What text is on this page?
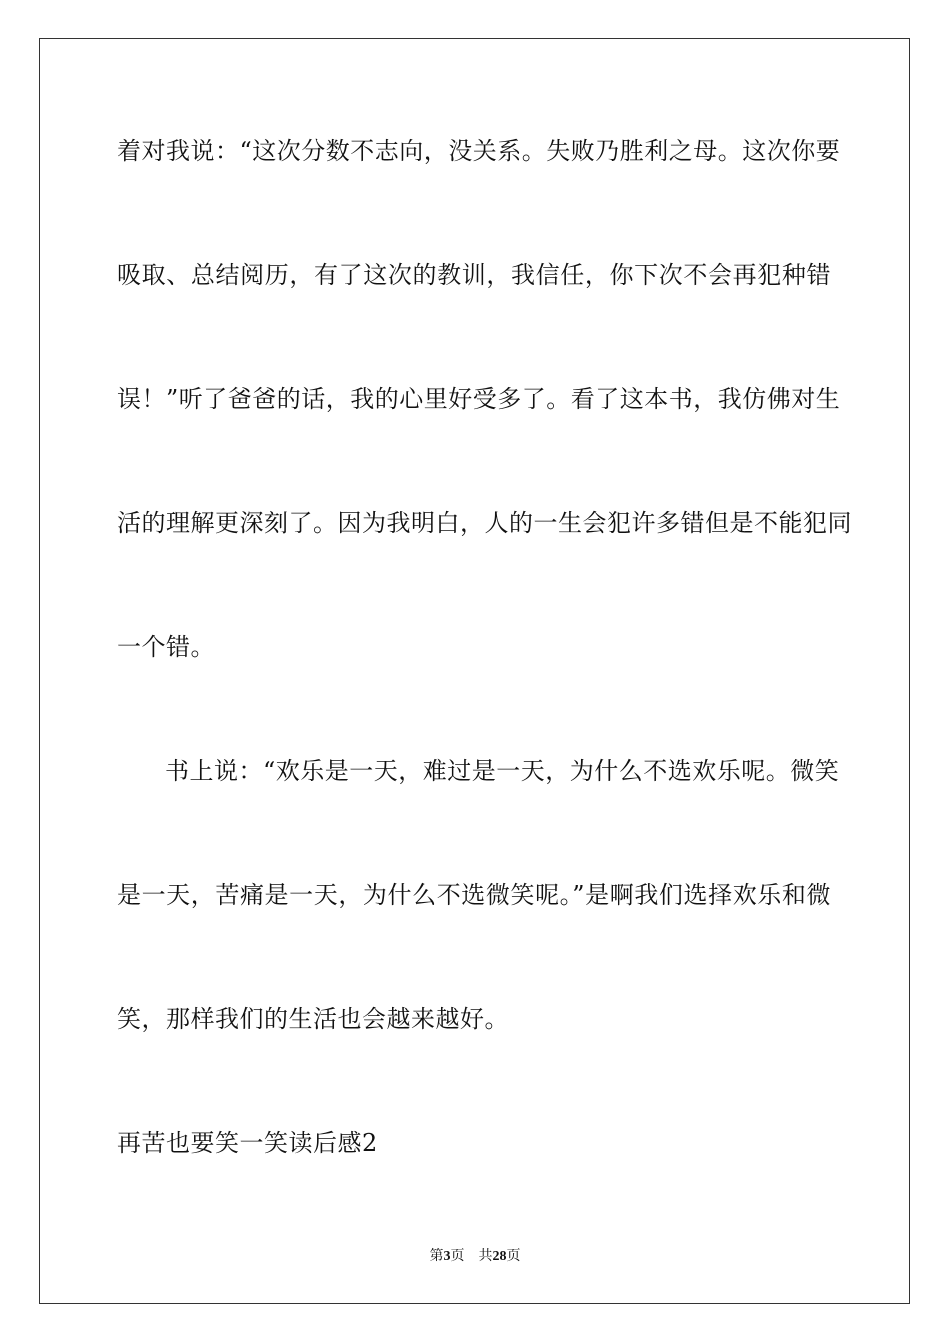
着对我说：“这次分数不志向，没关系。失败乃胜利之母。这次你要
吸取、总结阅历，有了这次的教训，我信任，你下次不会再犯种错
误！”听了爸爸的话，我的心里好受多了。看了这本书，我仿佛对生
活的理解更深刻了。因为我明白，人的一生会犯许多错但是不能犯同
一个错。
书上说：“欢乐是一天，难过是一天，为什么不选欢乐呢。微笑
是一天，苦痛是一天，为什么不选微笑呢。”是啊我们选择欢乐和微
笑，那样我们的生活也会越来越好。
再苦也要笑一笑读后感2
第3页 共28页
